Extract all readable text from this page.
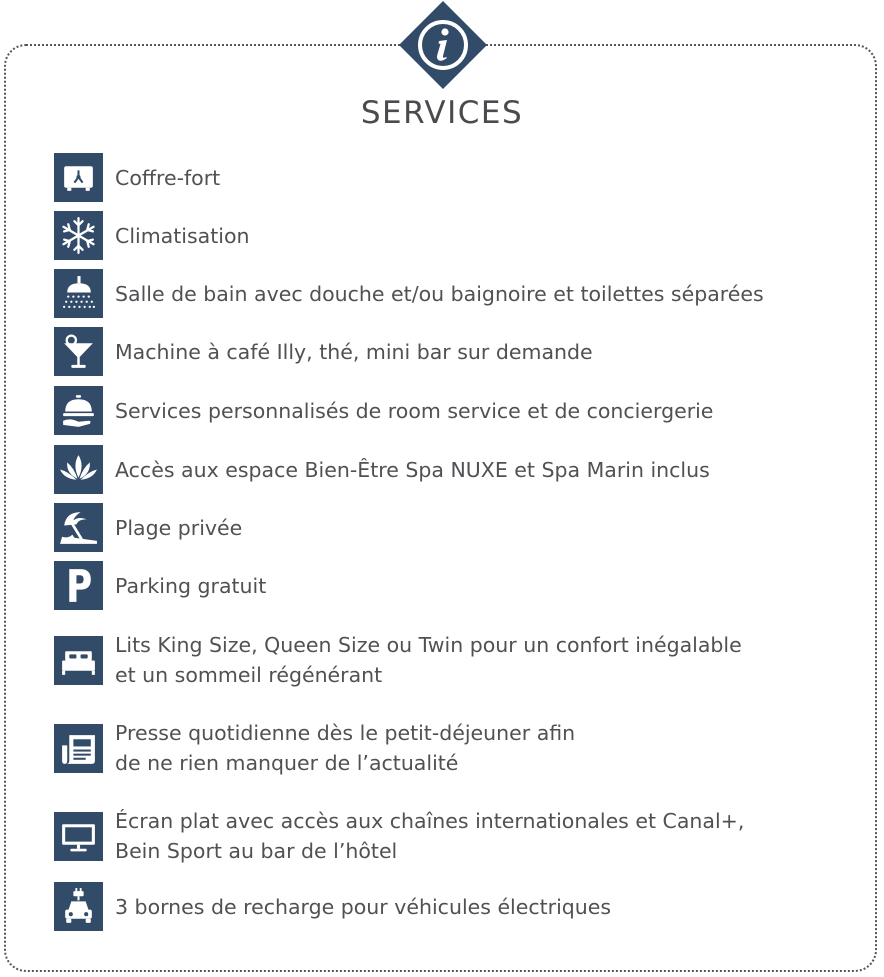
SERVICES
Coffre-fort
Climatisation
Salle de bain avec douche et/ou baignoire et toilettes séparées
Machine à café Illy, thé, mini bar sur demande
Services personnalisés de room service et de conciergerie
Accès aux espace Bien-Être Spa NUXE et Spa Marin inclus
Plage privée
Parking gratuit
Lits King Size, Queen Size ou Twin pour un confort inégalable
et un sommeil régénérant
Presse quotidienne dès le petit-déjeuner afin
de ne rien manquer de l’actualité
Écran plat avec accès aux chaînes internationales et Canal+,
Bein Sport au bar de l’hôtel
3 bornes de recharge pour véhicules électriques
